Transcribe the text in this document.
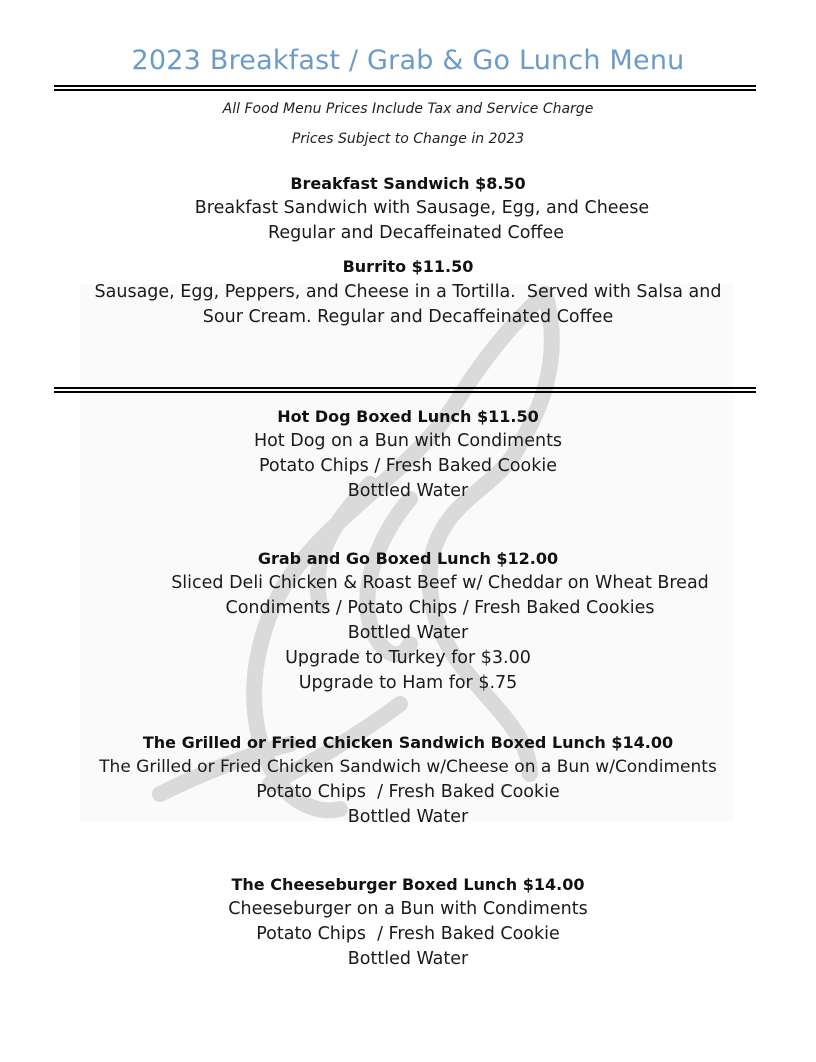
2023 Breakfast / Grab & Go Lunch Menu
All Food Menu Prices Include Tax and Service Charge
Prices Subject to Change in 2023
Breakfast Sandwich $8.50
Breakfast Sandwich with Sausage, Egg, and Cheese
Regular and Decaffeinated Coffee
Burrito $11.50
Sausage, Egg, Peppers, and Cheese in a Tortilla.  Served with Salsa and
Sour Cream. Regular and Decaffeinated Coffee
Hot Dog Boxed Lunch $11.50
Hot Dog on a Bun with Condiments
Potato Chips / Fresh Baked Cookie
Bottled Water
Grab and Go Boxed Lunch $12.00
Sliced Deli Chicken & Roast Beef w/ Cheddar on Wheat Bread
Condiments / Potato Chips / Fresh Baked Cookies
Bottled Water
Upgrade to Turkey for $3.00
Upgrade to Ham for $.75
The Grilled or Fried Chicken Sandwich Boxed Lunch $14.00
The Grilled or Fried Chicken Sandwich w/Cheese on a Bun w/Condiments
Potato Chips  / Fresh Baked Cookie
Bottled Water
The Cheeseburger Boxed Lunch $14.00
Cheeseburger on a Bun with Condiments
Potato Chips  / Fresh Baked Cookie
Bottled Water
